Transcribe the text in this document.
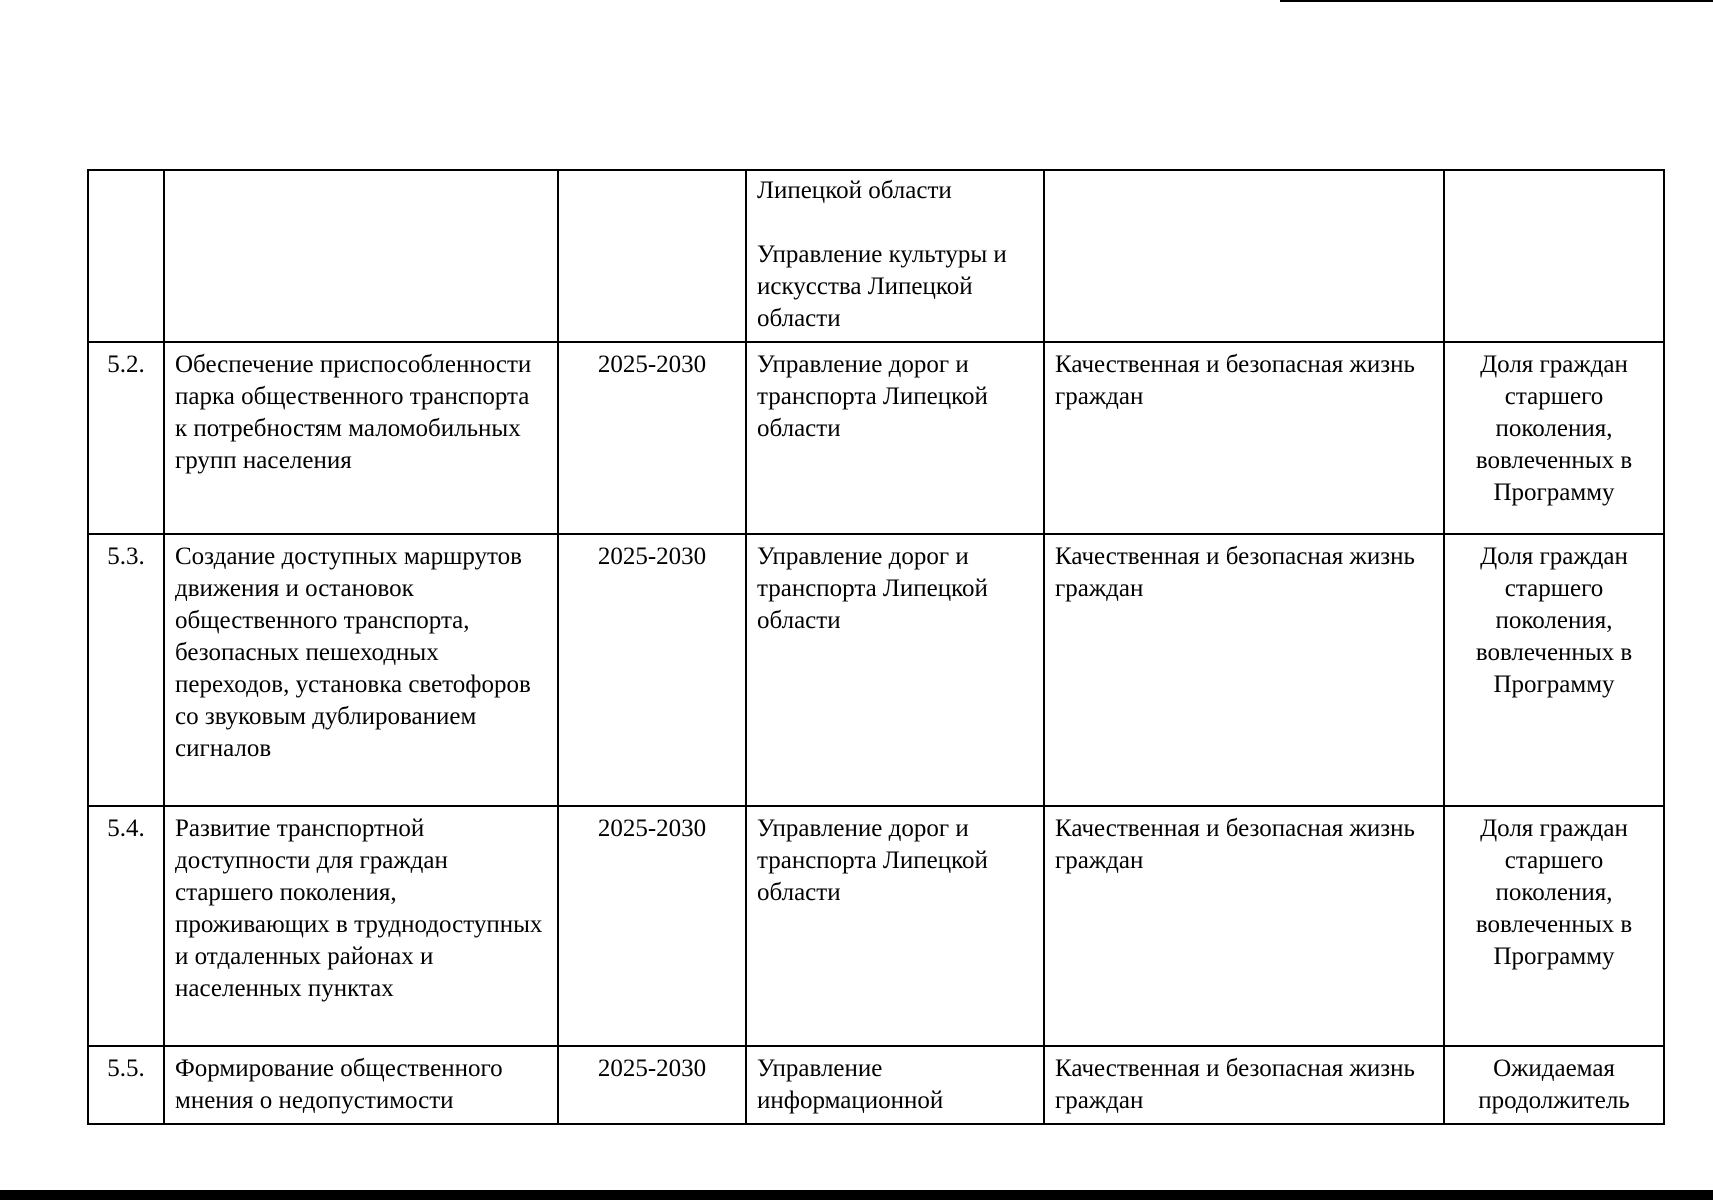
			Липецкой области

Управление культуры и искусства Липецкой области		
5.2.	Обеспечение приспособленности парка общественного транспорта к потребностям маломобильных групп населения	2025-2030	Управление дорог и транспорта Липецкой области	Качественная и безопасная жизнь граждан	Доля граждан старшего поколения, вовлеченных в Программу
5.3.	Создание доступных маршрутов движения и остановок общественного транспорта, безопасных пешеходных переходов, установка светофоров со звуковым дублированием сигналов	2025-2030	Управление дорог и транспорта Липецкой области	Качественная и безопасная жизнь граждан	Доля граждан старшего поколения, вовлеченных в Программу
5.4.	Развитие транспортной доступности для граждан старшего поколения, проживающих в труднодоступных и отдаленных районах и населенных пунктах	2025-2030	Управление дорог и транспорта Липецкой области	Качественная и безопасная жизнь граждан	Доля граждан старшего поколения, вовлеченных в Программу
5.5.	Формирование общественного мнения о недопустимости	2025-2030	Управление информационной	Качественная и безопасная жизнь граждан	Ожидаемая продолжитель
